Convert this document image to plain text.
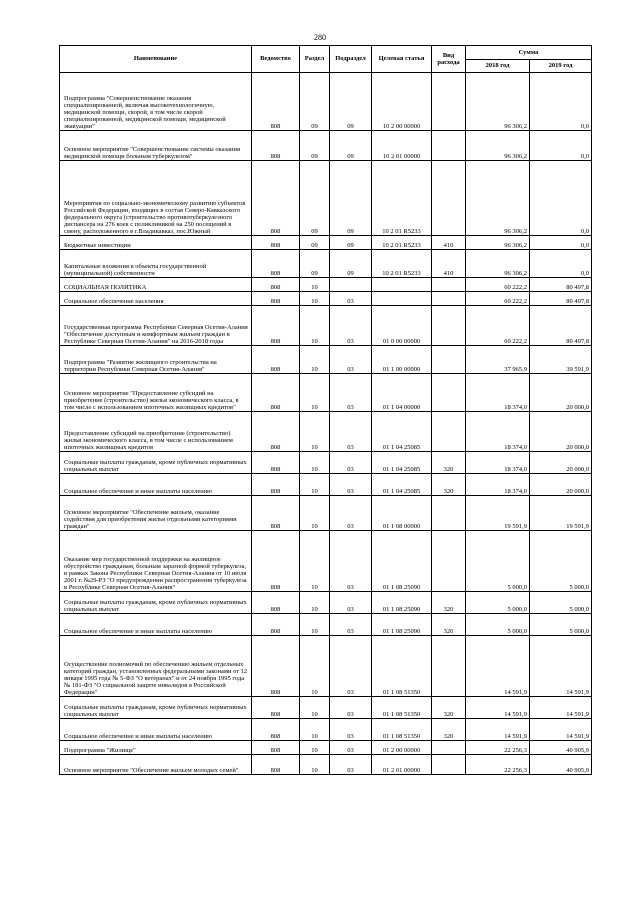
280
Наименование	Ведомство	Раздел	Подраздел	Целевая статья	Вид расхода	Сумма	
						2018 год	2019 год
Подпрограмма "Совершенствование оказания специализированной, включая высокотехнологичную, медицинской помощи, скорой, в том числе скорой специализированной, медицинской помощи, медицинской эвакуации"	808	09	09	10 2 00 00000		96 306,2	0,0
Основное мероприятие "Совершенствование системы оказания медицинской помощи больным туберкулезом"	808	09	09	10 2 01 00000		96 306,2	0,0
Мероприятия по социально-экономическому развитию субъектов Российской Федерации, входящих в состав Северо-Кавказского федерального округа (строительство противотуберкулезного диспансера на 276 коек с поликлиникой на 250 посещений в смену, расположенного в г.Владикавказ, пос.Южный	808	09	09	10 2 01 R5233		96 306,2	0,0
Бюджетные инвестиции	808	09	09	10 2 01 R5233	410	96 306,2	0,0
Капитальные вложения в объекты государственной (муниципальной) собственности	808	09	09	10 2 01 R5233	410	96 306,2	0,0
СОЦИАЛЬНАЯ ПОЛИТИКА	808	10				60 222,2	80 497,8
Социальное обеспечение населения	808	10	03			60 222,2	80 497,8
Государственная программа Республики Северная Осетия-Алания "Обеспечение доступным и комфортным жильем граждан в Республике Северная Осетия-Алания" на 2016-2018 годы	808	10	03	01 0 00 00000		60 222,2	80 497,8
Подпрограмма "Развитие жилищного строительства на территории Республики Северная Осетия-Алания"	808	10	03	01 1 00 00000		37 965,9	39 591,9
Основное мероприятие "Предоставление субсидий на приобретение (строительство) жилья экономического класса, в том числе с использованием ипотечных жилищных кредитов"	808	10	03	01 1 04 00000		18 374,0	20 000,0
Предоставление субсидий на приобретение (строительство) жилья экономического класса, в том числе с использованием ипотечных жилищных кредитов	808	10	03	01 1 04 25085		18 374,0	20 000,0
Социальные выплаты гражданам, кроме публичных нормативных социальных выплат	808	10	03	01 1 04 25085	320	18 374,0	20 000,0
Социальное обеспечение и иные выплаты населению	808	10	03	01 1 04 25085	320	18 374,0	20 000,0
Основное мероприятие "Обеспечение жильем, оказание содействия для приобретения жилья отдельными категориями граждан"	808	10	03	01 1 08 00000		19 591,9	19 591,9
Оказание мер государственной поддержки на жилищное обустройство гражданам, больным заразной формой туберкулеза, в рамках Закона Республики Северная Осетия-Алания от 10 июля 2001 г. №29-РЗ "О предупреждении распространения туберкулеза в Республике Северная Осетия-Алания"	808	10	03	01 1 08 25090		5 000,0	5 000,0
Социальные выплаты гражданам, кроме публичных нормативных социальных выплат	808	10	03	01 1 08 25090	320	5 000,0	5 000,0
Социальное обеспечение и иные выплаты населению	808	10	03	01 1 08 25090	320	5 000,0	5 000,0
Осуществление полномочий по обеспечению жильем отдельных категорий граждан, установленных федеральными законами от 12 января 1995 года № 5-ФЗ "О ветеранах" и от 24 ноября 1995 года № 181-ФЗ "О социальной защите инвалидов в Российской Федерации"	808	10	03	01 1 08 51350		14 591,9	14 591,9
Социальные выплаты гражданам, кроме публичных нормативных социальных выплат	808	10	03	01 1 08 51350	320	14 591,9	14 591,9
Социальное обеспечение и иные выплаты населению	808	10	03	01 1 08 51350	320	14 591,9	14 591,9
Подпрограмма "Жилище"	808	10	03	01 2 00 00000		22 256,3	40 905,9
Основное мероприятие "Обеспечение жильем молодых семей"	808	10	03	01 2 01 00000		22 256,3	40 905,9
